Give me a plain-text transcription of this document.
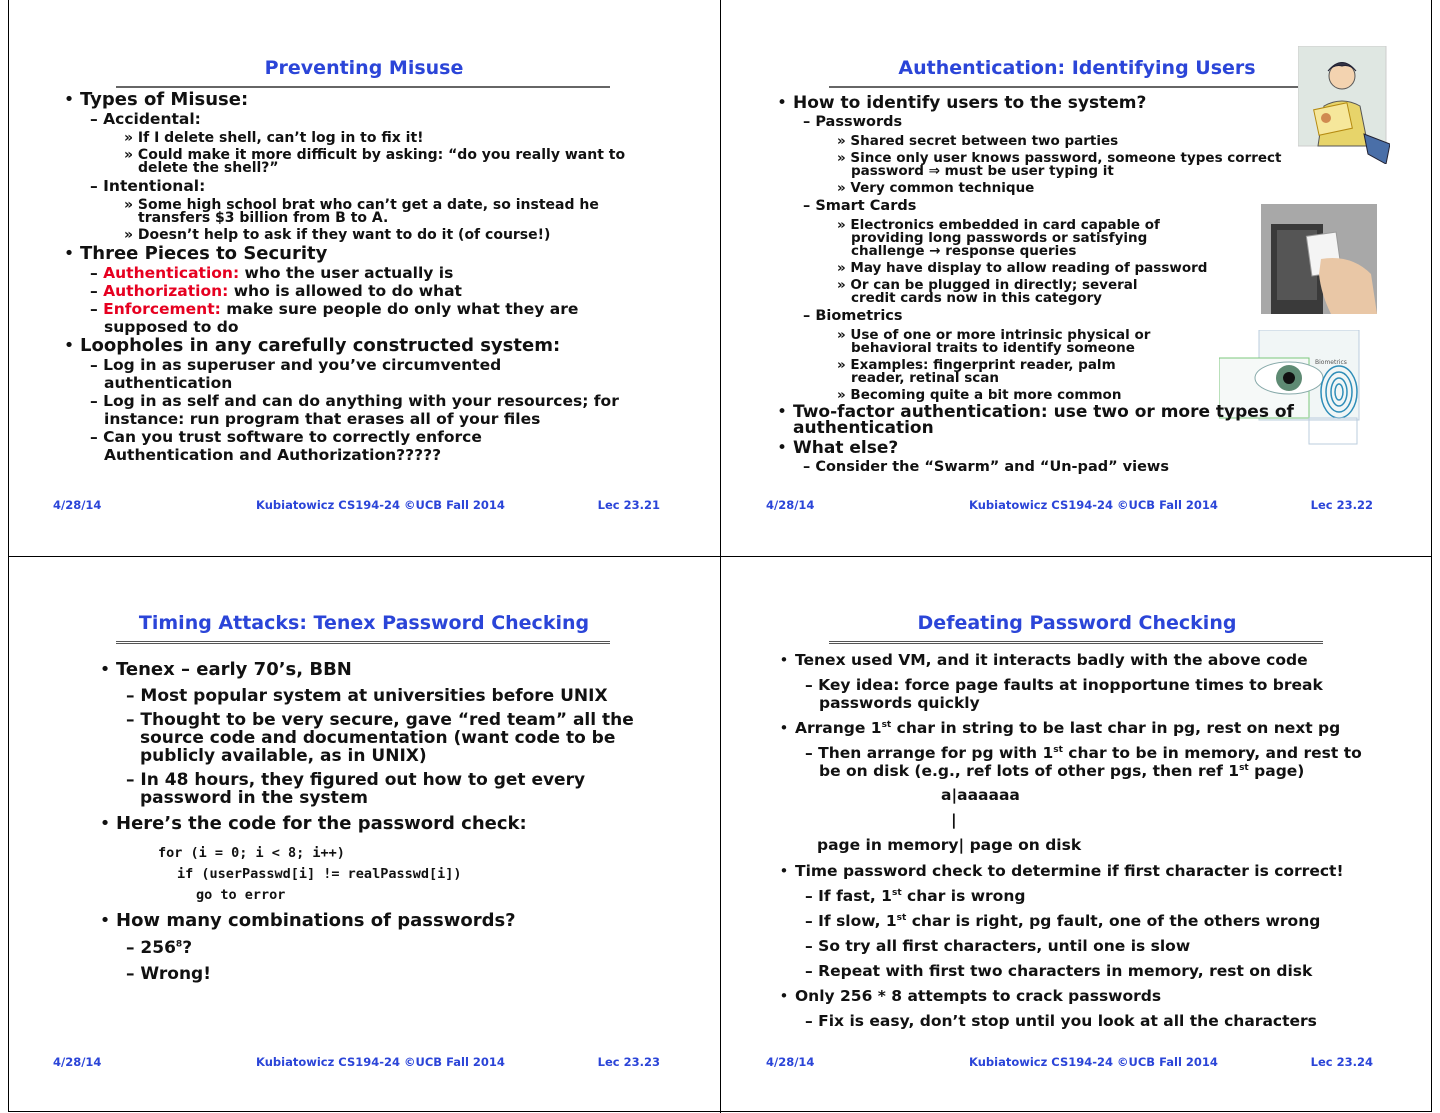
Preventing Misuse
• Types of Misuse:
– Accidental:
» If I delete shell, can’t log in to fix it!
» Could make it more difficult by asking: “do you really want to delete the shell?”
– Intentional:
» Some high school brat who can’t get a date, so instead he transfers $3 billion from B to A.
» Doesn’t help to ask if they want to do it (of course!)
• Three Pieces to Security
– Authentication: who the user actually is
– Authorization: who is allowed to do what
– Enforcement: make sure people do only what they are supposed to do
• Loopholes in any carefully constructed system:
– Log in as superuser and you’ve circumvented authentication
– Log in as self and can do anything with your resources; for instance: run program that erases all of your files
– Can you trust software to correctly enforce Authentication and Authorization?????
4/28/14	Kubiatowicz CS194-24 ©UCB Fall 2014	Lec 23.21
Authentication: Identifying Users
Biometrics
• How to identify users to the system?
– Passwords
» Shared secret between two parties
» Since only user knows password, someone types correct password ⇒ must be user typing it
» Very common technique
– Smart Cards
» Electronics embedded in card capable of providing long passwords or satisfying challenge → response queries
» May have display to allow reading of password
» Or can be plugged in directly; several credit cards now in this category
– Biometrics
» Use of one or more intrinsic physical or behavioral traits to identify someone
» Examples: fingerprint reader, palm reader, retinal scan
» Becoming quite a bit more common
• Two-factor authentication: use two or more types of authentication
• What else?
– Consider the “Swarm” and “Un-pad” views
4/28/14	Kubiatowicz CS194-24 ©UCB Fall 2014	Lec 23.22
Timing Attacks: Tenex Password Checking
• Tenex – early 70’s, BBN
– Most popular system at universities before UNIX
– Thought to be very secure, gave “red team” all the source code and documentation (want code to be publicly available, as in UNIX)
– In 48 hours, they figured out how to get every password in the system
• Here’s the code for the password check:
for (i = 0; i < 8; i++)
if (userPasswd[i] != realPasswd[i])
go to error
• How many combinations of passwords?
– $256^8$?
– Wrong!
4/28/14	Kubiatowicz CS194-24 ©UCB Fall 2014	Lec 23.23
Defeating Password Checking
• Tenex used VM, and it interacts badly with the above code
– Key idea: force page faults at inopportune times to break passwords quickly
• Arrange 1st char in string to be last char in pg, rest on next pg
– Then arrange for pg with 1st char to be in memory, and rest to be on disk (e.g., ref lots of other pgs, then ref 1st page)
a|aaaaaa
|
page in memory| page on disk
• Time password check to determine if first character is correct!
– If fast, 1st char is wrong
– If slow, 1st char is right, pg fault, one of the others wrong
– So try all first characters, until one is slow
– Repeat with first two characters in memory, rest on disk
• Only 256 * 8 attempts to crack passwords
– Fix is easy, don’t stop until you look at all the characters
4/28/14	Kubiatowicz CS194-24 ©UCB Fall 2014	Lec 23.24
